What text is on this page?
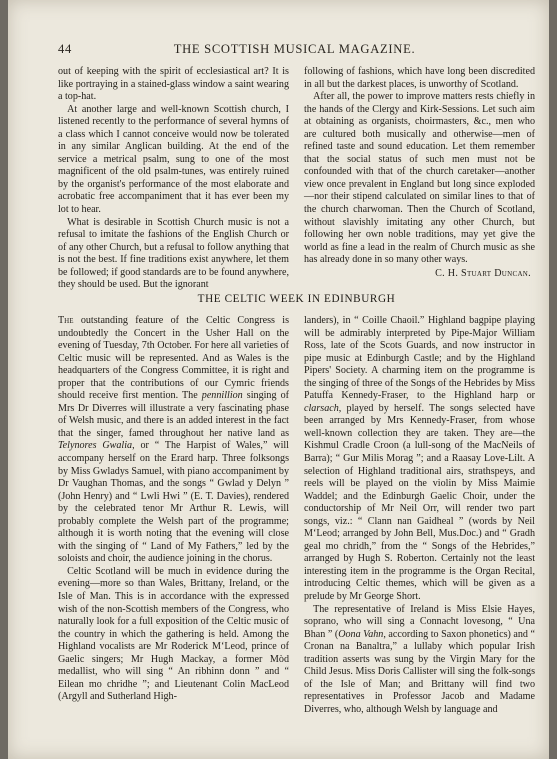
44	THE SCOTTISH MUSICAL MAGAZINE.

out of keeping with the spirit of ecclesiastical art? It is like portraying in a stained-glass window a saint wearing a top-hat.

At another large and well-known Scottish church, I listened recently to the performance of several hymns of a class which I cannot conceive would now be tolerated in any similar Anglican building. At the end of the service a metrical psalm, sung to one of the most magnificent of the old psalm-tunes, was entirely ruined by the organist's performance of the most elaborate and acrobatic free accompaniment that it has ever been my lot to hear.

What is desirable in Scottish Church music is not a refusal to imitate the fashions of the English Church or of any other Church, but a refusal to follow anything that is not the best. If fine traditions exist anywhere, let them be followed; if good standards are to be found anywhere, they should be used. But the ignorant

following of fashions, which have long been discredited in all but the darkest places, is unworthy of Scotland.

After all, the power to improve matters rests chiefly in the hands of the Clergy and Kirk-Sessions. Let such aim at obtaining as organists, choirmasters, &c., men who are cultured both musically and otherwise—men of refined taste and sound education. Let them remember that the social status of such men must not be confounded with that of the church caretaker—another view once prevalent in England but long since exploded—nor their stipend calculated on similar lines to that of the church charwoman. Then the Church of Scotland, without slavishly imitating any other Church, but following her own noble traditions, may yet give the world as fine a lead in the realm of Church music as she has already done in so many other ways.

C. H. Stuart Duncan.

THE CELTIC WEEK IN EDINBURGH

The outstanding feature of the Celtic Congress is undoubtedly the Concert in the Usher Hall on the evening of Tuesday, 7th October. For here all varieties of Celtic music will be represented. And as Wales is the headquarters of the Congress Committee, it is right and proper that the contributions of our Cymric friends should receive first mention. The pennillion singing of Mrs Dr Diverres will illustrate a very fascinating phase of Welsh music, and there is an added interest in the fact that the singer, famed throughout her native land as Telynores Gwalia, or “ The Harpist of Wales,” will accompany herself on the Erard harp. Three folksongs by Miss Gwladys Samuel, with piano accompaniment by Dr Vaughan Thomas, and the songs “ Gwlad y Delyn ” (John Henry) and “ Lwli Hwi ” (E. T. Davies), rendered by the celebrated tenor Mr Arthur R. Lewis, will probably complete the Welsh part of the programme; although it is worth noting that the evening will close with the singing of “ Land of My Fathers,” led by the soloists and choir, the audience joining in the chorus.

Celtic Scotland will be much in evidence during the evening—more so than Wales, Brittany, Ireland, or the Isle of Man. This is in accordance with the expressed wish of the non-Scottish members of the Congress, who naturally look for a full exposition of the Celtic music of the country in which the gathering is held. Among the Highland vocalists are Mr Roderick M‘Leod, prince of Gaelic singers; Mr Hugh Mackay, a former Mòd medallist, who will sing “ An ribhinn donn ” and “ Eilean mo chridhe ”; and Lieutenant Colin MacLeod (Argyll and Sutherland High-

landers), in “ Coille Chaoil.” Highland bagpipe playing will be admirably interpreted by Pipe-Major William Ross, late of the Scots Guards, and now instructor in pipe music at Edinburgh Castle; and by the Highland Pipers' Society. A charming item on the programme is the singing of three of the Songs of the Hebrides by Miss Patuffa Kennedy-Fraser, to the Highland harp or clarsach, played by herself. The songs selected have been arranged by Mrs Kennedy-Fraser, from whose well-known collection they are taken. They are—the Kishmul Cradle Croon (a lull-song of the MacNeils of Barra); “ Gur Milis Morag ”; and a Raasay Love-Lilt. A selection of Highland traditional airs, strathspeys, and reels will be played on the violin by Miss Maimie Waddel; and the Edinburgh Gaelic Choir, under the conductorship of Mr Neil Orr, will render two part songs, viz.: “ Clann nan Gaidheal ” (words by Neil M‘Leod; arranged by John Bell, Mus.Doc.) and “ Gradh geal mo chridh,” from the “ Songs of the Hebrides,” arranged by Hugh S. Roberton. Certainly not the least interesting item in the programme is the Organ Recital, introducing Celtic themes, which will be given as a prelude by Mr George Short.

The representative of Ireland is Miss Elsie Hayes, soprano, who will sing a Connacht lovesong, “ Una Bhan ” (Oona Vahn, according to Saxon phonetics) and “ Cronan na Banaltra,” a lullaby which popular Irish tradition asserts was sung by the Virgin Mary for the Child Jesus. Miss Doris Callister will sing the folk-songs of the Isle of Man; and Brittany will find two representatives in Professor Jacob and Madame Diverres, who, although Welsh by language and
